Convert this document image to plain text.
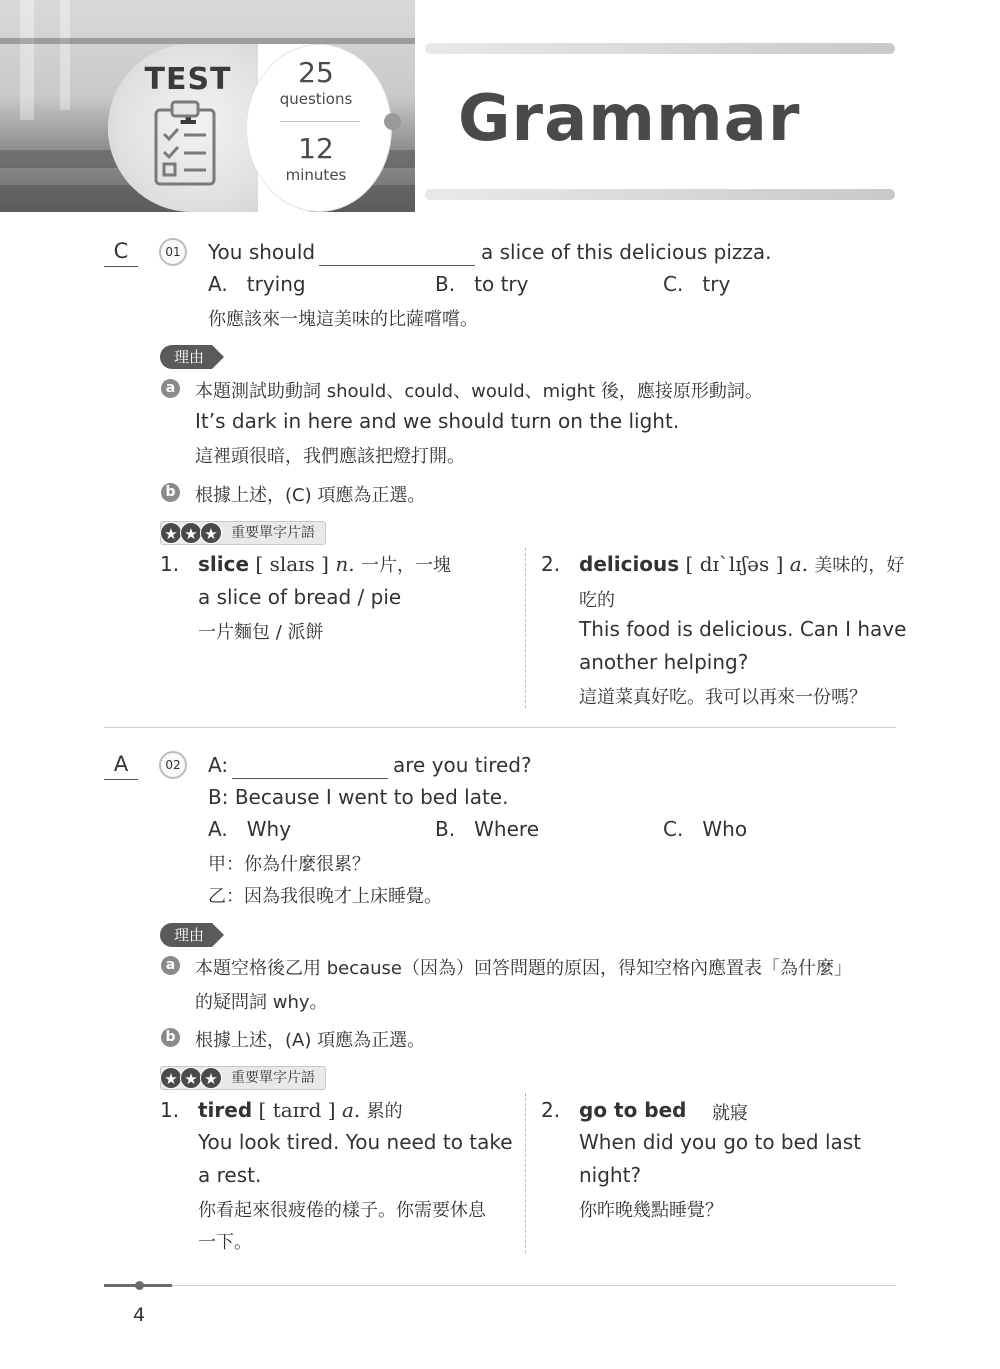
TEST	25
questions
12
minutes
Grammar
C	01	You should	a slice of this delicious pizza.
A. trying	B. to try	C. try
你應該來一塊這美味的比薩嚐嚐。
理由
a 本題測試助動詞 should、could、would、might 後，應接原形動詞。
It’s dark in here and we should turn on the light.
這裡頭很暗，我們應該把燈打開。
b 根據上述，(C) 項應為正選。
重要單字片語
★ ★ ★
1. slice [ slaɪs ] n. 一片，一塊
a slice of bread / pie
一片麵包 / 派餅
2. delicious [ dɪˋlɪʃəs ] a. 美味的，好
吃的
This food is delicious. Can I have
another helping?
這道菜真好吃。我可以再來一份嗎？
A	02	A:	are you tired?
B: Because I went to bed late.
A. Why	B. Where	C. Who
甲：你為什麼很累？
乙：因為我很晚才上床睡覺。
理由
a 本題空格後乙用 because（因為）回答問題的原因，得知空格內應置表「為什麼」
的疑問詞 why。
b 根據上述，(A) 項應為正選。
重要單字片語
★ ★ ★
1. tired [ taɪrd ] a. 累的
You look tired. You need to take
a rest.
你看起來很疲倦的樣子。你需要休息
一下。
2. go to bed 就寢
When did you go to bed last
night?
你昨晚幾點睡覺？
4
